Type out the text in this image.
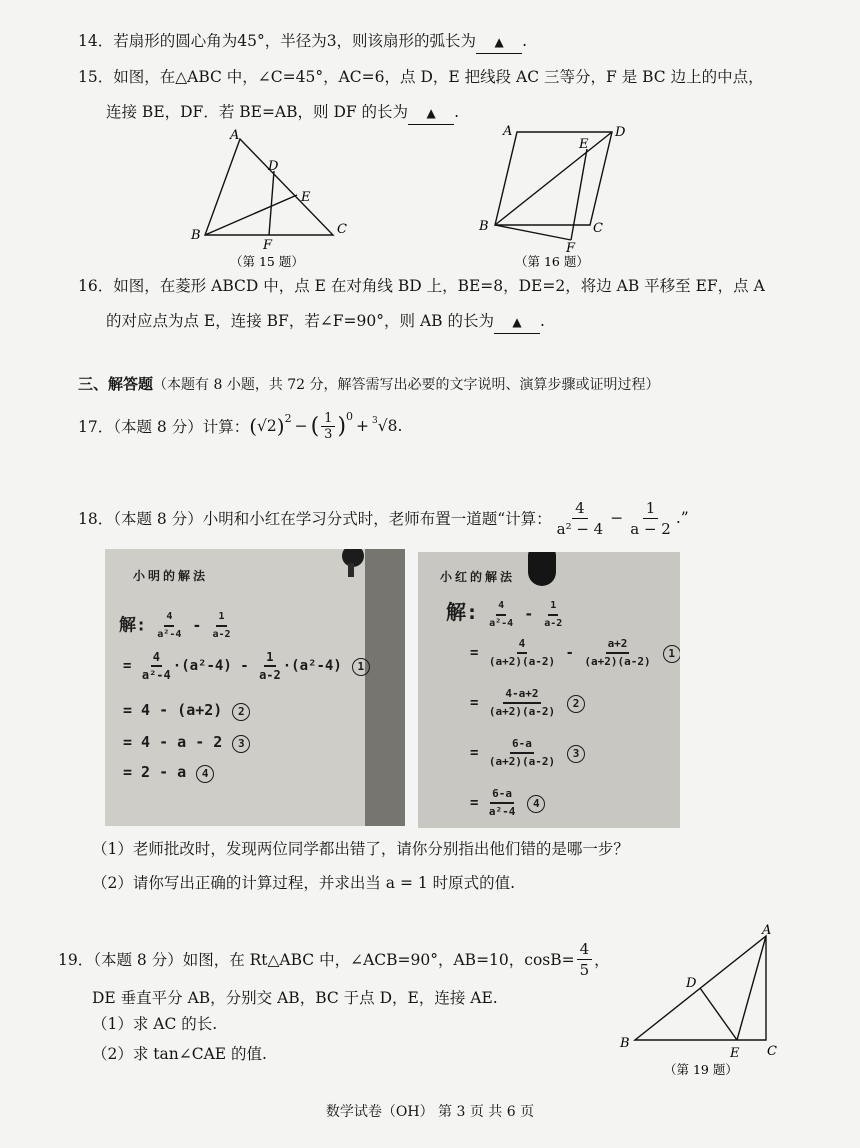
14．若扇形的圆心角为45°，半径为3，则该扇形的弧长为 ▲ .
15．如图，在△ABC 中，∠C=45°，AC=6，点 D，E 把线段 AC 三等分，F 是 BC 边上的中点，
连接 BE，DF．若 BE=AB，则 DF 的长为 ▲ .
A
B	C
D
E
F
（第 15 题）
A	D
E
B	C
F
（第 16 题）
16．如图，在菱形 ABCD 中，点 E 在对角线 BD 上，BE=8，DE=2，将边 AB 平移至 EF，点 A
的对应点为点 E，连接 BF，若∠F=90°，则 AB 的长为 ▲ .
三、解答题（本题有 8 小题，共 72 分，解答需写出必要的文字说明、演算步骤或证明过程）
17．（本题 8 分）计算： ( √2 )$^2$ − ( $\frac{1}{3} )^0$
+ $^3$ √8 .
18．（本题 8 分）小明和小红在学习分式时，老师布置一道题“计算： $\frac{4}{\text{a² − 4}} - \frac{1}{a - 2}$ .”
小明的解法
解: $\frac{4}{\text{a²-4}} - \frac{1}{a-2}$
= $\frac{4}{\text{a²-4}} \cdot(a^2-4) - \frac{1}{a-2} \cdot(a^2-4)$ 1
= 4 - (a+2) 2
= 4 - a - 2 3
= 2 - a 4
小红的解法
解: $\frac{4}{\text{a²-4}} - \frac{1}{a-2}$
= $\frac{4}{(a+2)(a-2)} - \frac{a+2}{(a+2)(a-2)} 1$
= $\frac{4-a+2}{(a+2)(a-2)} 2$
= $\frac{6-a}{(a+2)(a-2)} 3$
= $\frac{6-a}{\text{a²-4}} 4$
（1）老师批改时，发现两位同学都出错了，请你分别指出他们错的是哪一步？
（2）请你写出正确的计算过程，并求出当 a = 1 时原式的值.
19．（本题 8 分）如图，在 Rt△ABC 中，∠ACB=90°，AB=10，$\cos B= \frac{4}{5}$ ，
DE 垂直平分 AB，分别交 AB，BC 于点 D，E，连接 AE.
（1）求 AC 的长.
（2）求 tan∠CAE 的值.
A
B
C
D
E
（第 19 题）
数学试卷（OH） 第 3 页 共 6 页
